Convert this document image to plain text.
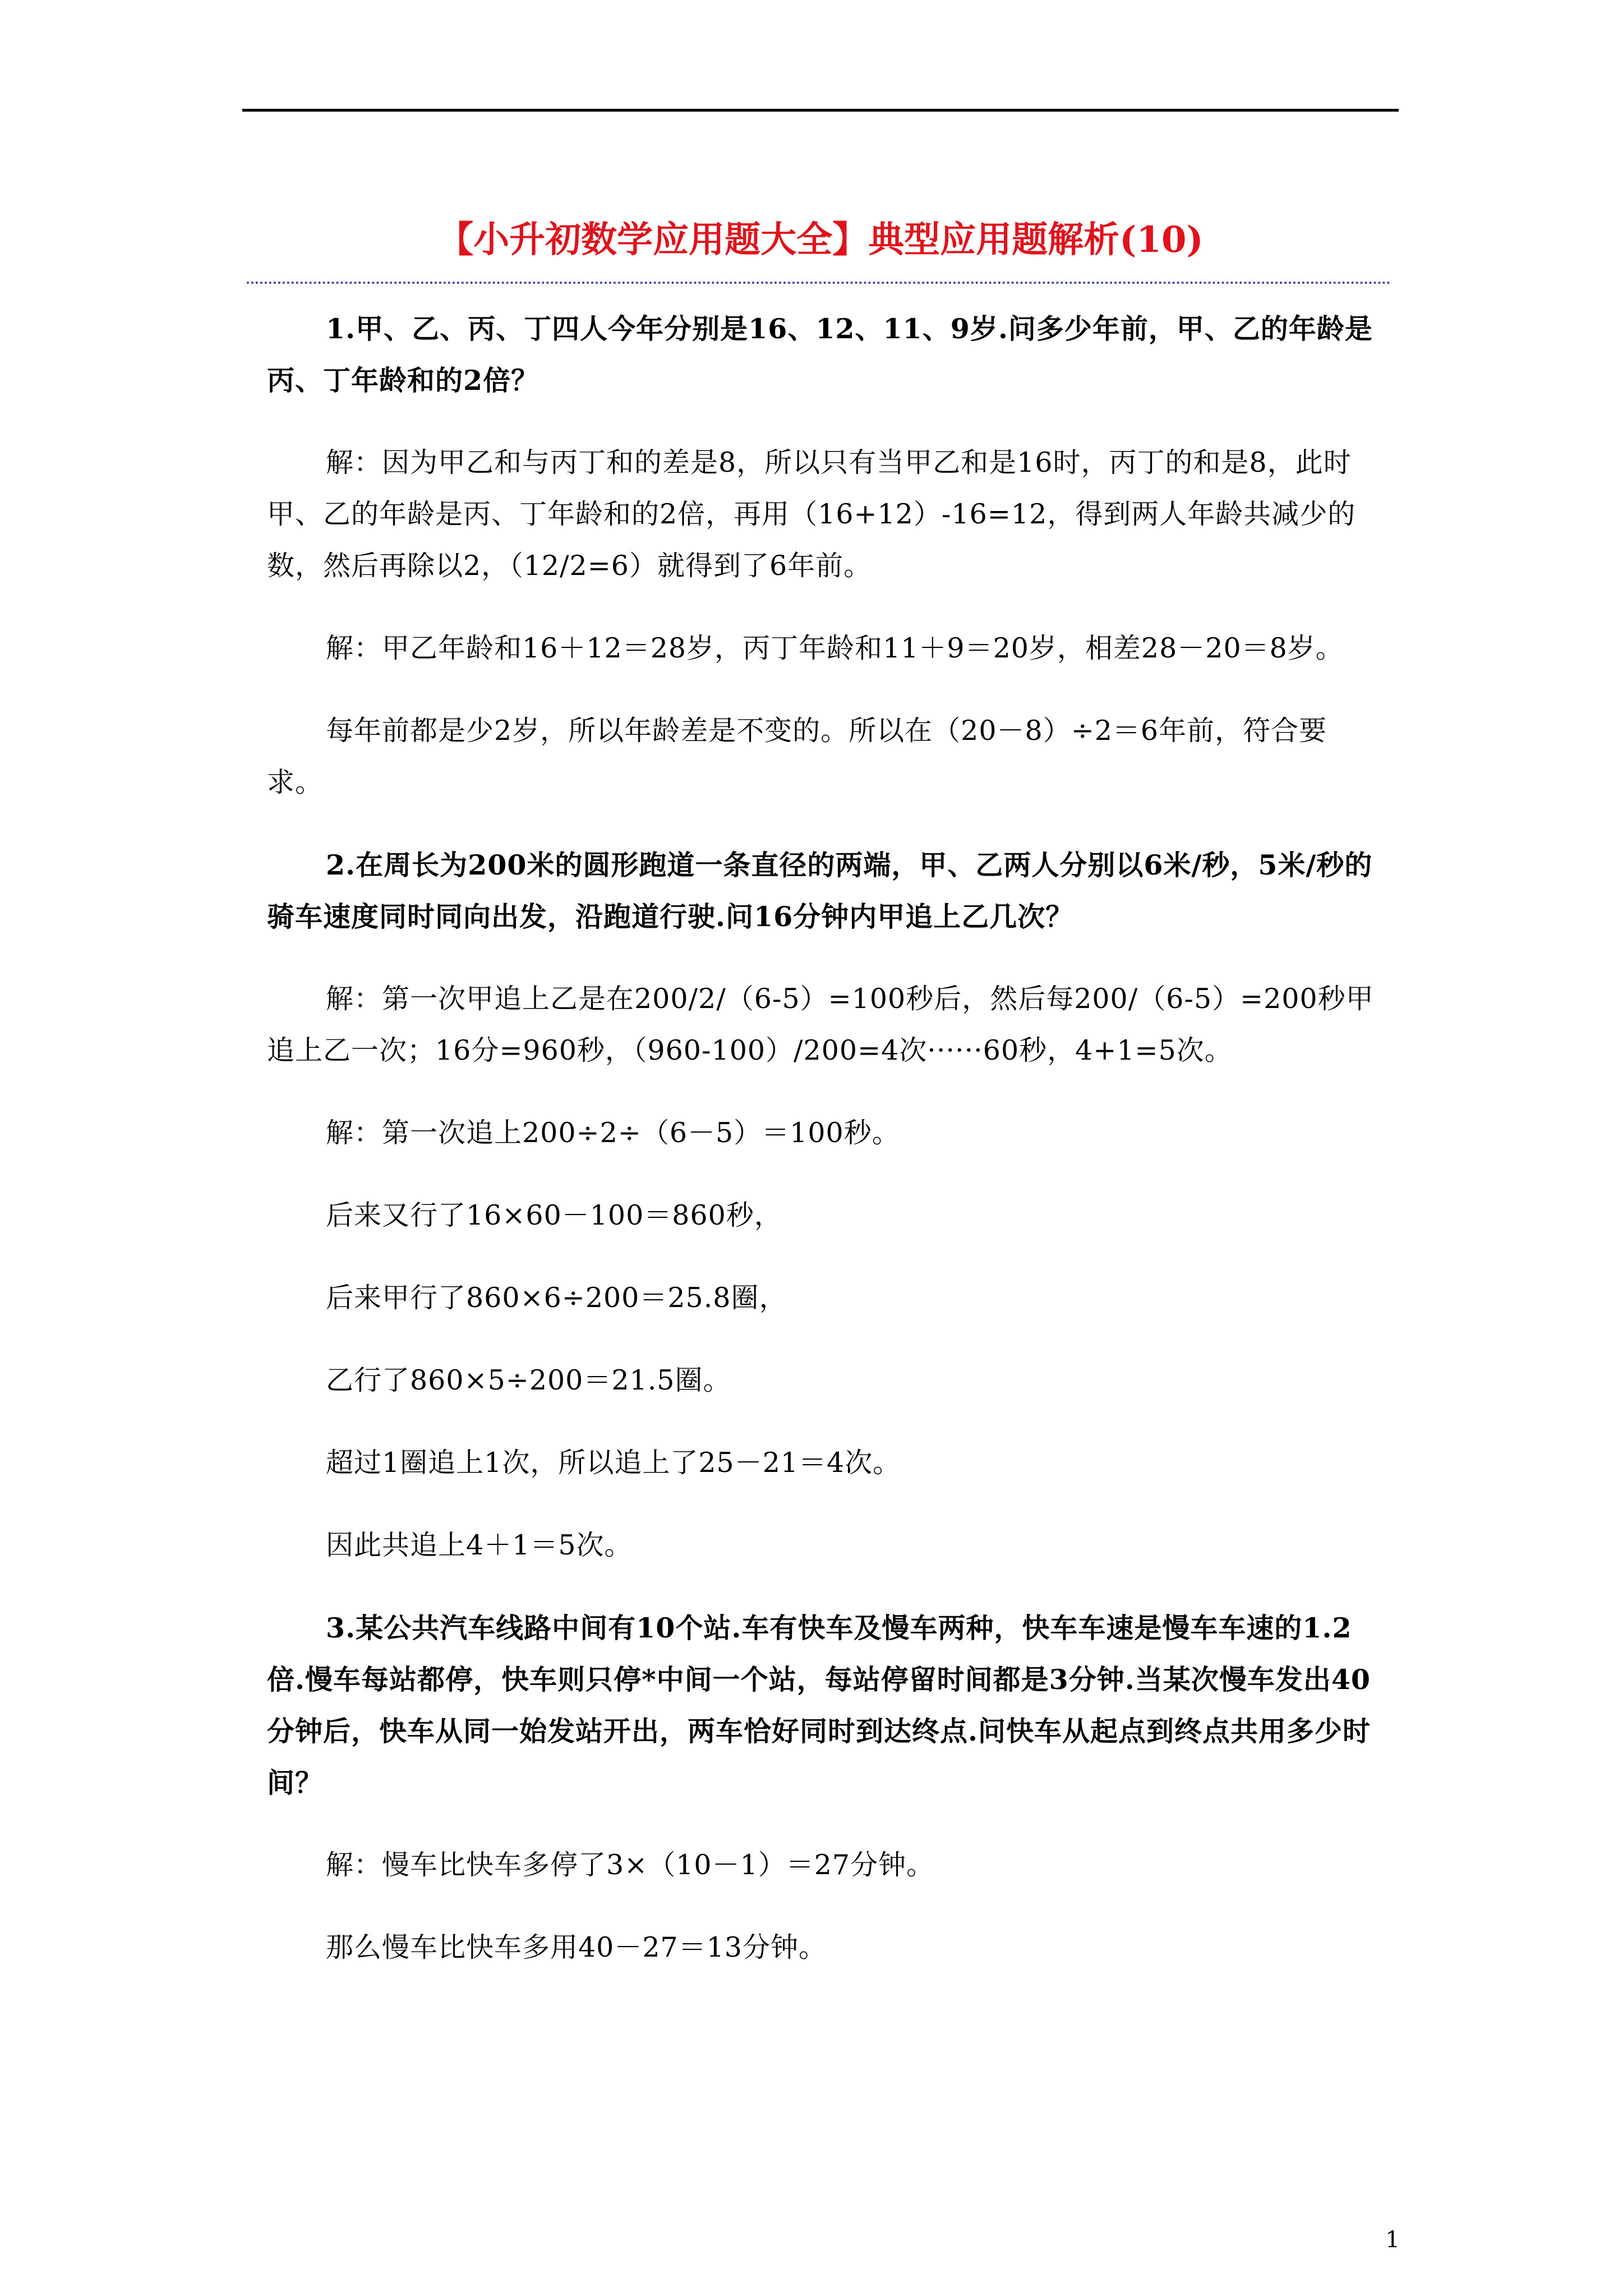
【小升初数学应用题大全】典型应用题解析(10)

1.甲、乙、丙、丁四人今年分别是16、12、11、9岁.问多少年前，甲、乙的年龄是丙、丁年龄和的2倍？

解：因为甲乙和与丙丁和的差是8，所以只有当甲乙和是16时，丙丁的和是8，此时甲、乙的年龄是丙、丁年龄和的2倍，再用（16+12）-16=12，得到两人年龄共减少的数，然后再除以2，（12/2=6）就得到了6年前。

解：甲乙年龄和16＋12＝28岁，丙丁年龄和11＋9＝20岁，相差28－20＝8岁。

每年前都是少2岁，所以年龄差是不变的。所以在（20－8）÷2＝6年前，符合要求。

2.在周长为200米的圆形跑道一条直径的两端，甲、乙两人分别以6米/秒，5米/秒的骑车速度同时同向出发，沿跑道行驶.问16分钟内甲追上乙几次？

解：第一次甲追上乙是在200/2/（6-5）=100秒后，然后每200/（6-5）=200秒甲追上乙一次；16分=960秒，（960-100）/200=4次······60秒，4+1=5次。

解：第一次追上200÷2÷（6－5）＝100秒。

后来又行了16×60－100＝860秒，

后来甲行了860×6÷200＝25.8圈，

乙行了860×5÷200＝21.5圈。

超过1圈追上1次，所以追上了25－21＝4次。

因此共追上4＋1＝5次。

3.某公共汽车线路中间有10个站.车有快车及慢车两种，快车车速是慢车车速的1.2倍.慢车每站都停，快车则只停*中间一个站，每站停留时间都是3分钟.当某次慢车发出40分钟后，快车从同一始发站开出，两车恰好同时到达终点.问快车从起点到终点共用多少时间？

解：慢车比快车多停了3×（10－1）＝27分钟。

那么慢车比快车多用40－27＝13分钟。

1
